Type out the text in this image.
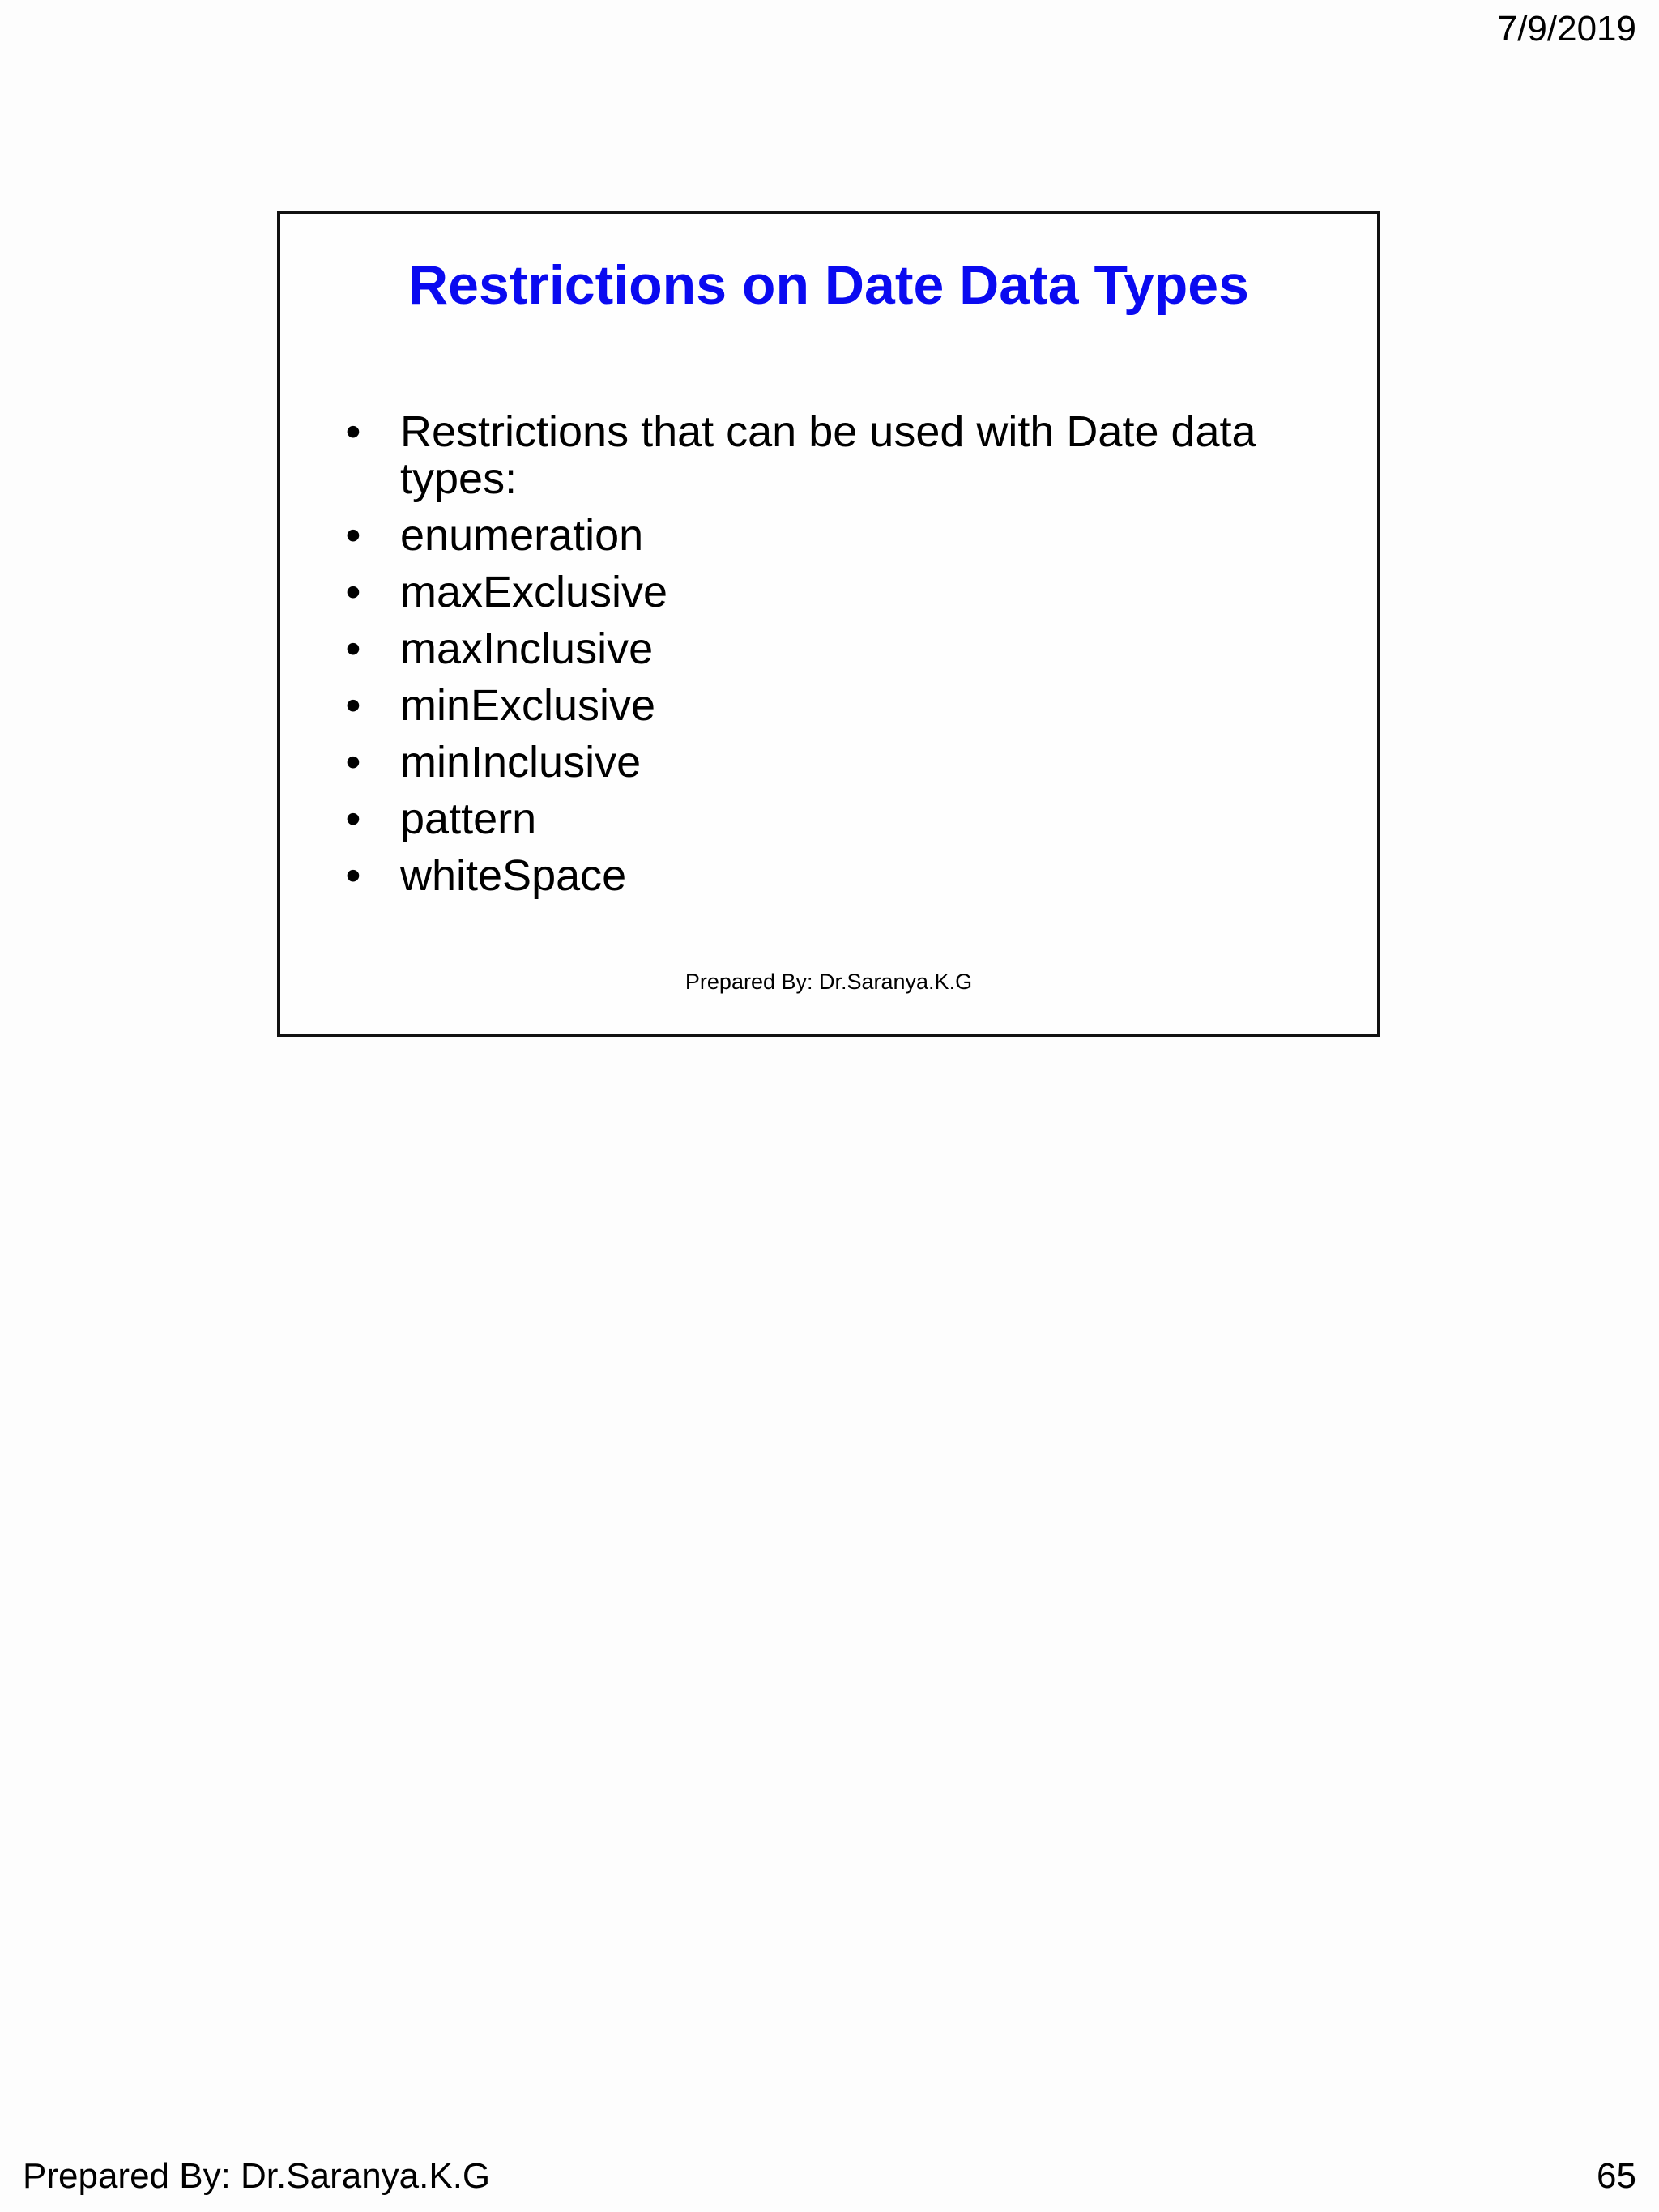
7/9/2019
Restrictions on Date Data Types
• Restrictions that can be used with Date data types:
• enumeration
• maxExclusive
• maxInclusive
• minExclusive
• minInclusive
• pattern
• whiteSpace
Prepared By: Dr.Saranya.K.G
Prepared By: Dr.Saranya.K.G	65
